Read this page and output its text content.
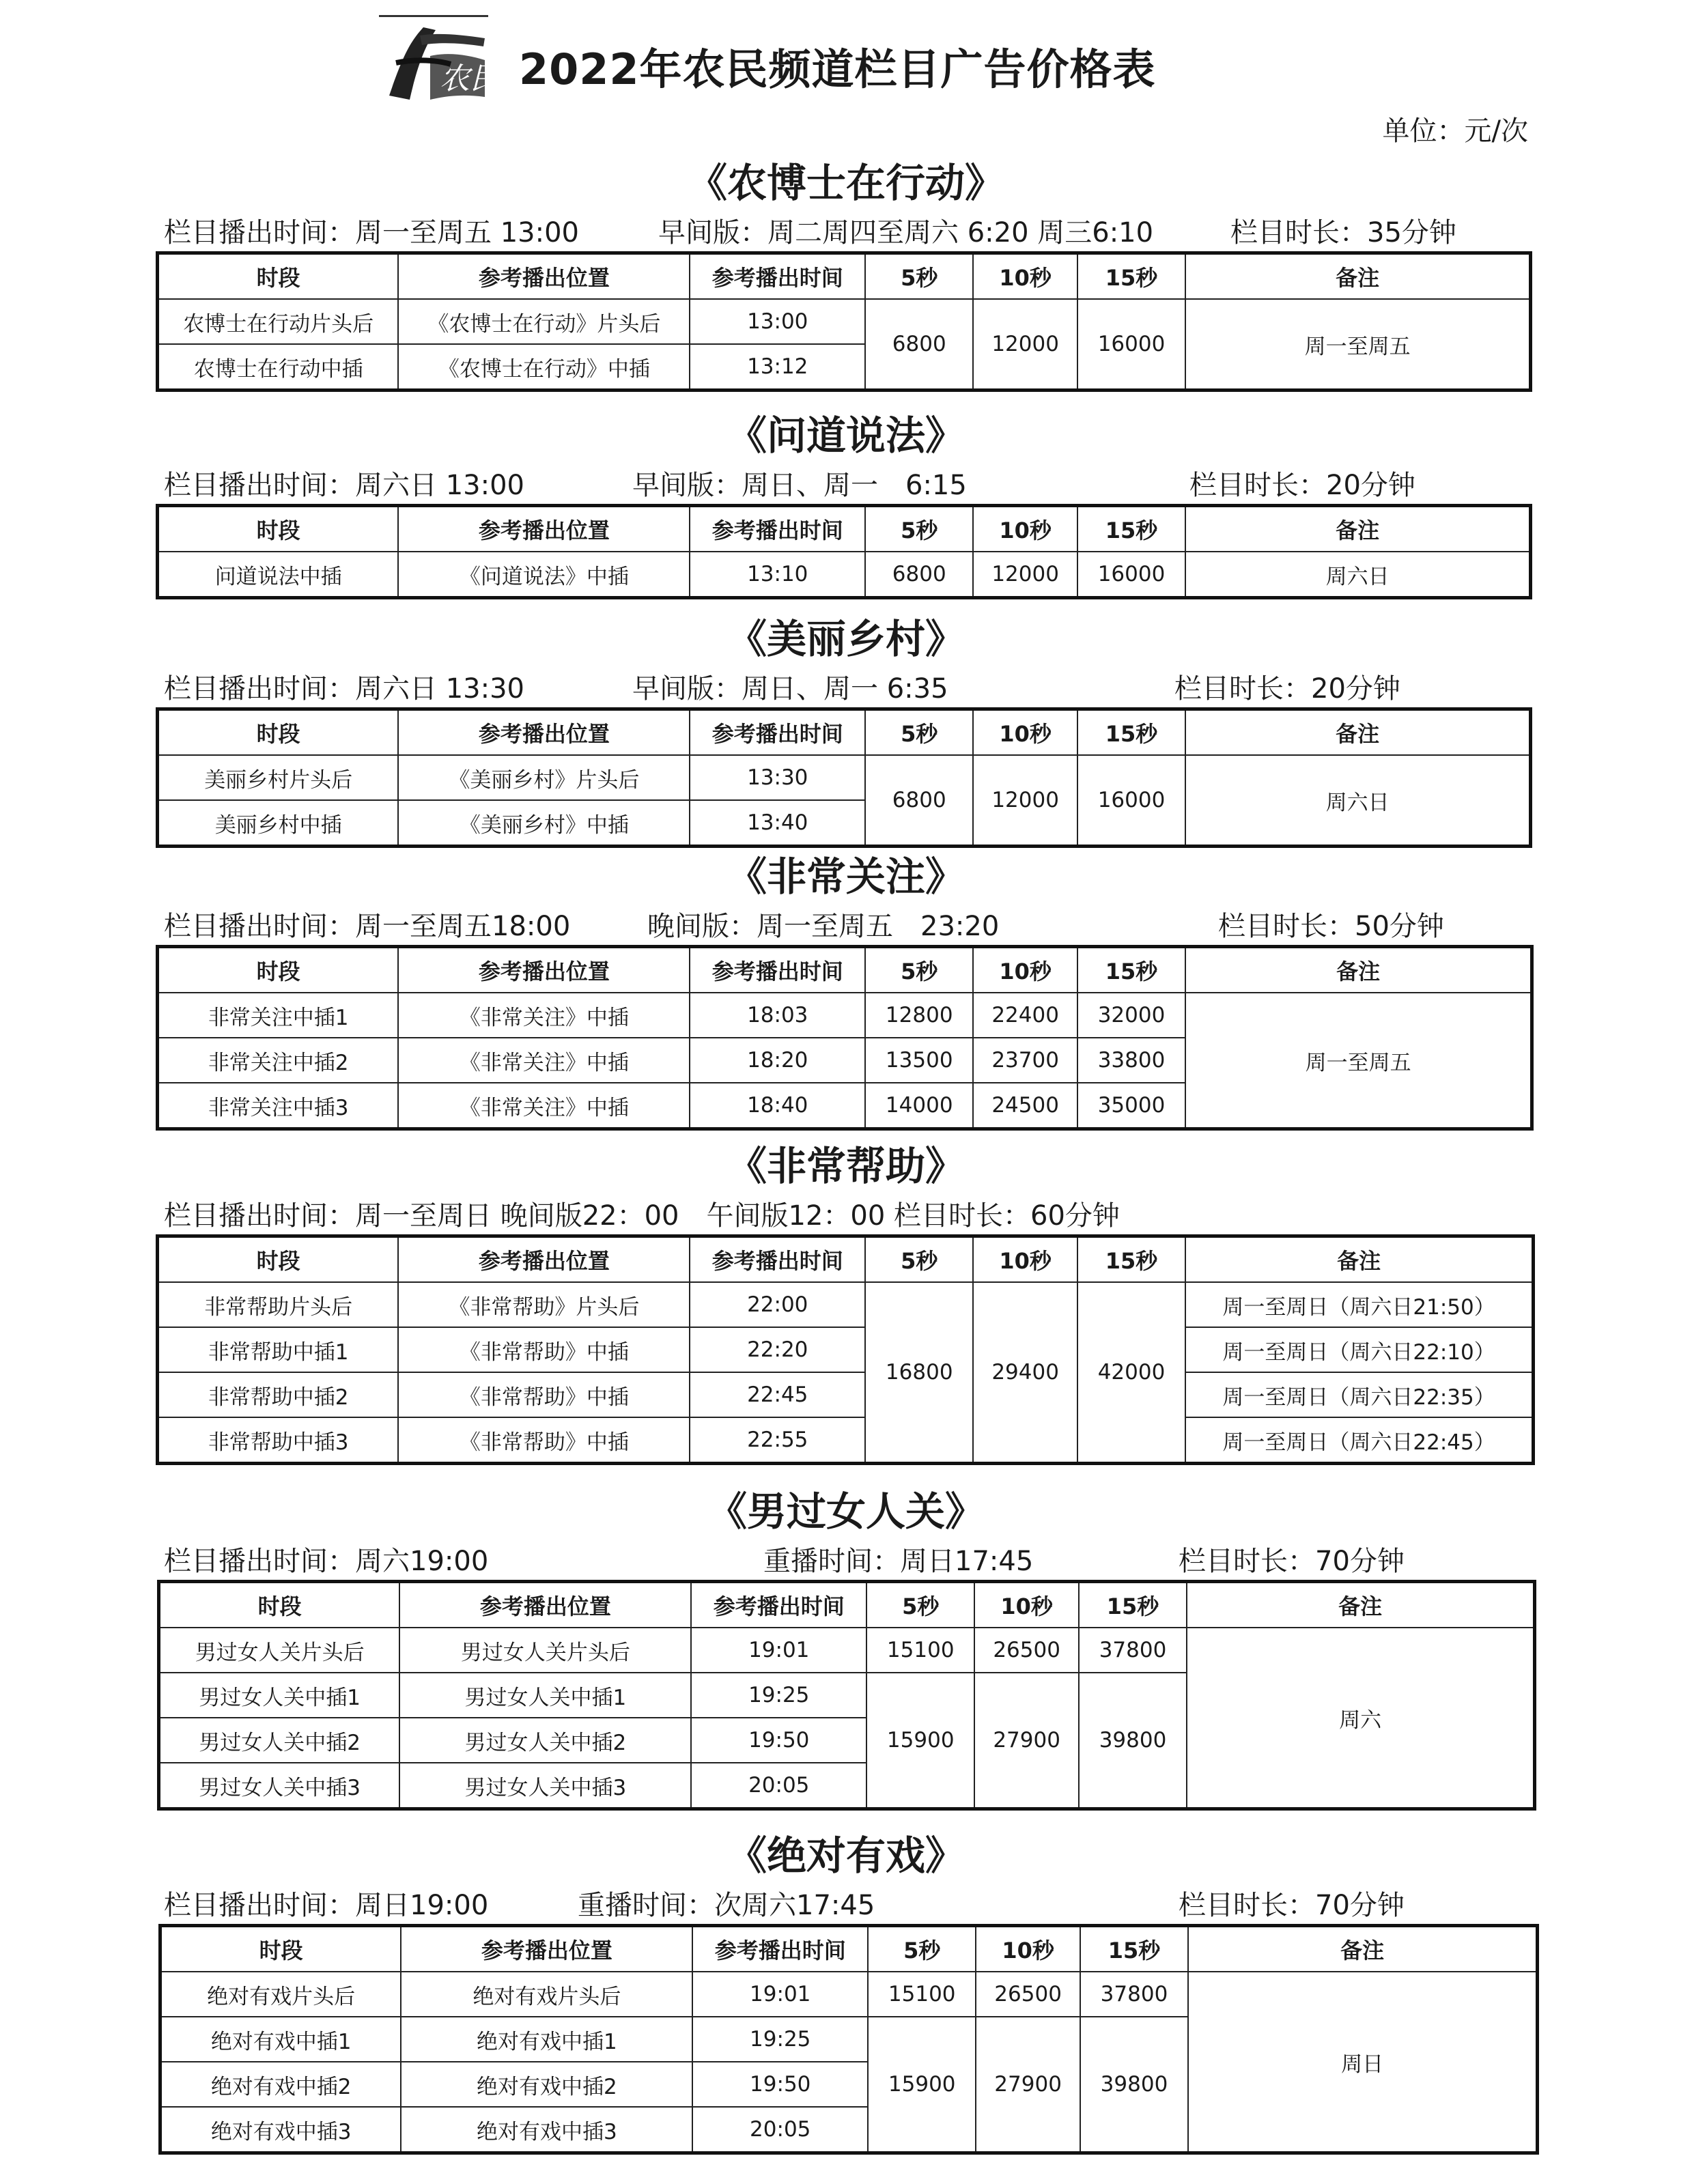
农民 2022年农民频道栏目广告价格表
单位：元/次
《农博士在行动》
栏目播出时间：周一至周五 13:00	早间版：周二周四至周六 6:20 周三6:10	栏目时长：35分钟
时段	参考播出位置	参考播出时间	5秒	10秒	15秒	备注
农博士在行动片头后	《农博士在行动》片头后	13:00	6800	12000	16000	周一至周五
农博士在行动中插	《农博士在行动》中插	13:12				
《问道说法》
栏目播出时间：周六日 13:00	早间版：周日、周一　6:15	栏目时长：20分钟
时段	参考播出位置	参考播出时间	5秒	10秒	15秒	备注
问道说法中插	《问道说法》中插	13:10	6800	12000	16000	周六日
《美丽乡村》
栏目播出时间：周六日 13:30	早间版：周日、周一 6:35	栏目时长：20分钟
时段	参考播出位置	参考播出时间	5秒	10秒	15秒	备注
美丽乡村片头后	《美丽乡村》片头后	13:30	6800	12000	16000	周六日
美丽乡村中插	《美丽乡村》中插	13:40				
《非常关注》
栏目播出时间：周一至周五18:00	晚间版：周一至周五　23:20	栏目时长：50分钟
时段	参考播出位置	参考播出时间	5秒	10秒	15秒	备注
非常关注中插1	《非常关注》中插	18:03	12800	22400	32000	周一至周五
非常关注中插2	《非常关注》中插	18:20	13500	23700	33800	
非常关注中插3	《非常关注》中插	18:40	14000	24500	35000	
《非常帮助》
栏目播出时间：周一至周日 晚间版22：00　午间版12：00 栏目时长：60分钟
时段	参考播出位置	参考播出时间	5秒	10秒	15秒	备注
非常帮助片头后	《非常帮助》片头后	22:00	16800	29400	42000	周一至周日（周六日21:50）
非常帮助中插1	《非常帮助》中插	22:20				周一至周日（周六日22:10）
非常帮助中插2	《非常帮助》中插	22:45				周一至周日（周六日22:35）
非常帮助中插3	《非常帮助》中插	22:55				周一至周日（周六日22:45）
《男过女人关》
栏目播出时间：周六19:00	重播时间：周日17:45	栏目时长：70分钟
时段	参考播出位置	参考播出时间	5秒	10秒	15秒	备注
男过女人关片头后	男过女人关片头后	19:01	15100	26500	37800	周六
男过女人关中插1	男过女人关中插1	19:25	15900	27900	39800	
男过女人关中插2	男过女人关中插2	19:50				
男过女人关中插3	男过女人关中插3	20:05				
《绝对有戏》
栏目播出时间：周日19:00	重播时间：次周六17:45	栏目时长：70分钟
时段	参考播出位置	参考播出时间	5秒	10秒	15秒	备注
绝对有戏片头后	绝对有戏片头后	19:01	15100	26500	37800	周日
绝对有戏中插1	绝对有戏中插1	19:25	15900	27900	39800	
绝对有戏中插2	绝对有戏中插2	19:50				
绝对有戏中插3	绝对有戏中插3	20:05				
